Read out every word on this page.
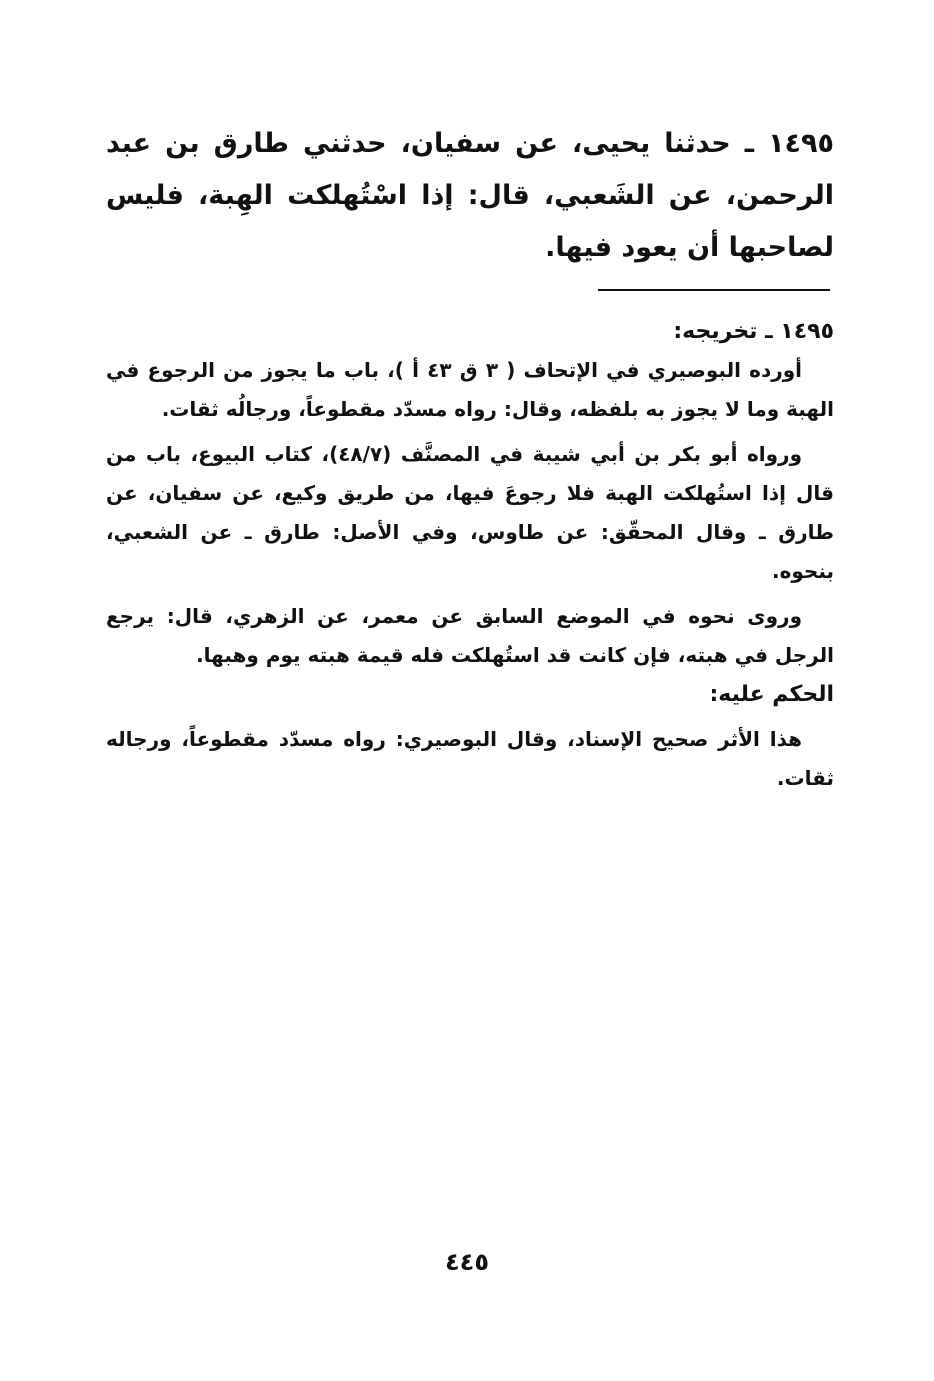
١٤٩٥ ـ حدثنا يحيى، عن سفيان، حدثني طارق بن عبد الرحمن، عن الشَعبي، قال: إذا اسْتُهلكت الهِبة، فليس لصاحبها أن يعود فيها.

١٤٩٥ ـ تخريجه:

أورده البوصيري في الإتحاف ( ٣ ق ٤٣ أ )، باب ما يجوز من الرجوع في الهبة وما لا يجوز به بلفظه، وقال: رواه مسدّد مقطوعاً، ورجالُه ثقات.

ورواه أبو بكر بن أبي شيبة في المصنَّف (٤٨/٧)، كتاب البيوع، باب من قال إذا استُهلكت الهبة فلا رجوعَ فيها، من طريق وكيع، عن سفيان، عن طارق ـ وقال المحقّق: عن طاوس، وفي الأصل: طارق ـ عن الشعبي، بنحوه.

وروى نحوه في الموضع السابق عن معمر، عن الزهري، قال: يرجع الرجل في هبته، فإن كانت قد استُهلكت فله قيمة هبته يوم وهبها.

الحكم عليه:

هذا الأثر صحيح الإسناد، وقال البوصيري: رواه مسدّد مقطوعاً، ورجاله ثقات.

٤٤٥
